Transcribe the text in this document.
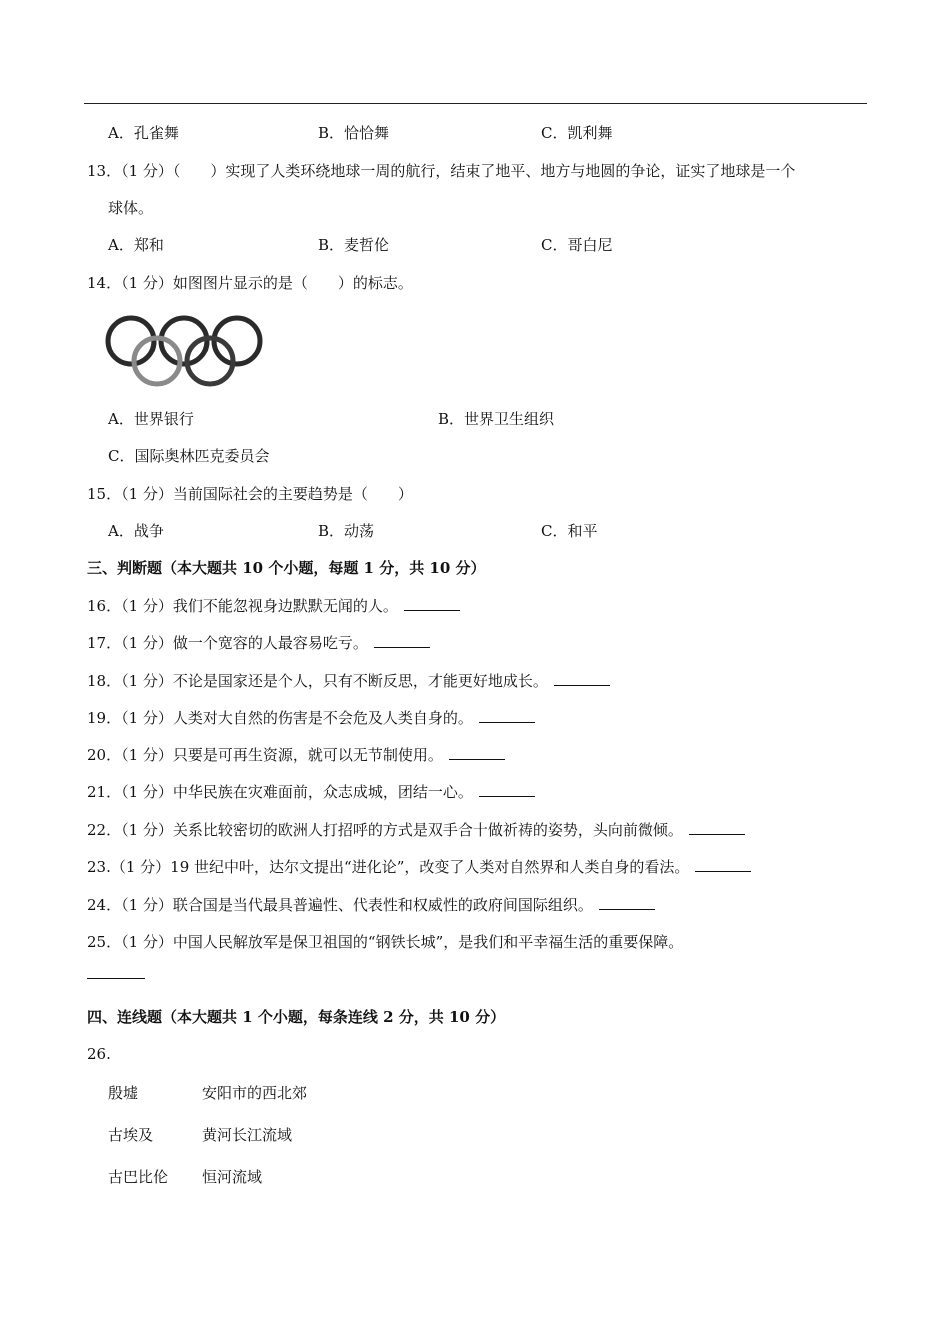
A．孔雀舞	B．恰恰舞	C．凯利舞
13．（1 分）（　　）实现了人类环绕地球一周的航行，结束了地平、地方与地圆的争论，证实了地球是一个
球体。
A．郑和	B．麦哲伦	C．哥白尼
14．（1 分）如图图片显示的是（　　）的标志。
A．世界银行	B．世界卫生组织
C．国际奥林匹克委员会
15．（1 分）当前国际社会的主要趋势是（　　）
A．战争	B．动荡	C．和平
三、判断题（本大题共 10 个小题，每题 1 分，共 10 分）
16．（1 分）我们不能忽视身边默默无闻的人。
17．（1 分）做一个宽容的人最容易吃亏。
18．（1 分）不论是国家还是个人，只有不断反思，才能更好地成长。
19．（1 分）人类对大自然的伤害是不会危及人类自身的。
20．（1 分）只要是可再生资源，就可以无节制使用。
21．（1 分）中华民族在灾难面前，众志成城，团结一心。
22．（1 分）关系比较密切的欧洲人打招呼的方式是双手合十做祈祷的姿势，头向前微倾。
23.（1 分）19 世纪中叶，达尔文提出“进化论”，改变了人类对自然界和人类自身的看法。
24．（1 分）联合国是当代最具普遍性、代表性和权威性的政府间国际组织。
25．（1 分）中国人民解放军是保卫祖国的“钢铁长城”，是我们和平幸福生活的重要保障。
四、连线题（本大题共 1 个小题，每条连线 2 分，共 10 分）
26.
殷墟	安阳市的西北郊
古埃及	黄河长江流域
古巴比伦 恒河流域
